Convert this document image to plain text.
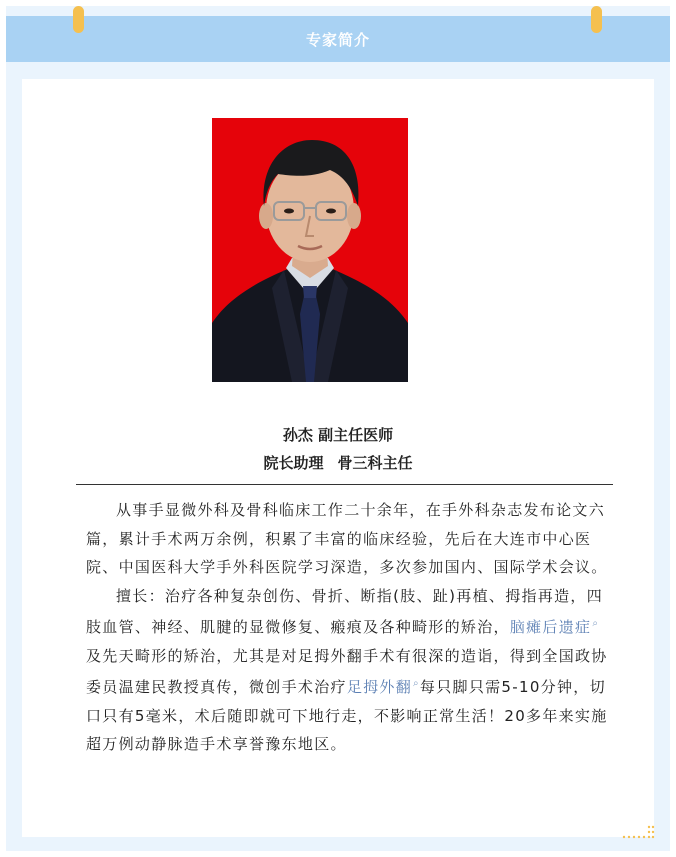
专家简介
孙杰 副主任医师
院长助理 骨三科主任

从事手显微外科及骨科临床工作二十余年，在手外科杂志发布论文六篇，累计手术两万余例，积累了丰富的临床经验，先后在大连市中心医院、中国医科大学手外科医院学习深造，多次参加国内、国际学术会议。

擅长：治疗各种复杂创伤、骨折、断指(肢、趾)再植、拇指再造，四肢血管、神经、肌腱的显微修复、瘢痕及各种畸形的矫治，脑瘫后遗症⌕及先天畸形的矫治，尤其是对足拇外翻手术有很深的造诣，得到全国政协委员温建民教授真传，微创手术治疗足拇外翻⌕每只脚只需5-10分钟，切口只有5毫米，术后随即就可下地行走，不影响正常生活！20多年来实施超万例动静脉造手术享誉豫东地区。
